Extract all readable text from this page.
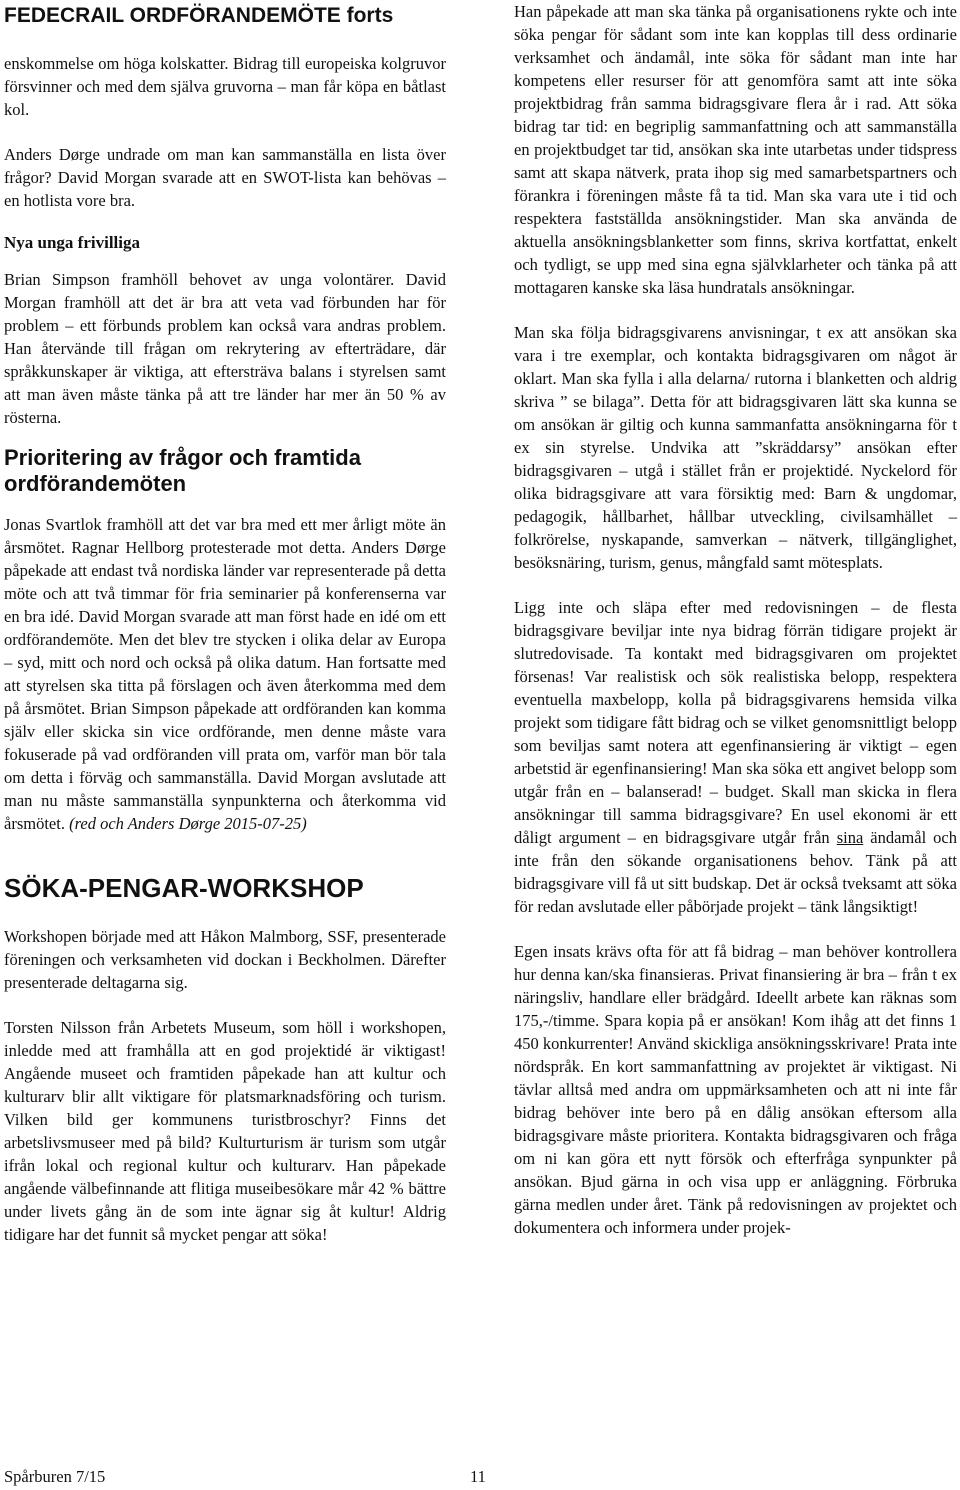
FEDECRAIL ORDFÖRANDEMÖTE forts

enskommelse om höga kolskatter. Bidrag till europeiska kolgruvor försvinner och med dem själva gruvorna – man får köpa en båtlast kol.

Anders Dørge undrade om man kan sammanställa en lista över frågor? David Morgan svarade att en SWOT-lista kan behövas – en hotlista vore bra.

Nya unga frivilliga

Brian Simpson framhöll behovet av unga volontärer. David Morgan framhöll att det är bra att veta vad förbunden har för problem – ett förbunds problem kan också vara andras problem. Han återvände till frågan om rekrytering av efterträdare, där språkkunskaper är viktiga, att eftersträva balans i styrelsen samt att man även måste tänka på att tre länder har mer än 50 % av rösterna.

Prioritering av frågor och framtida ordförandemöten

Jonas Svartlok framhöll att det var bra med ett mer årligt möte än årsmötet. Ragnar Hellborg protesterade mot detta. Anders Dørge påpekade att endast två nordiska länder var representerade på detta möte och att två timmar för fria seminarier på konferenserna var en bra idé. David Morgan svarade att man först hade en idé om ett ordförandemöte. Men det blev tre stycken i olika delar av Europa – syd, mitt och nord och också på olika datum. Han fortsatte med att styrelsen ska titta på förslagen och även återkomma med dem på årsmötet. Brian Simpson påpekade att ordföranden kan komma själv eller skicka sin vice ordförande, men denne måste vara fokuserade på vad ordföranden vill prata om, varför man bör tala om detta i förväg och sammanställa. David Morgan avslutade att man nu måste sammanställa synpunkterna och återkomma vid årsmötet. (red och Anders Dørge 2015-07-25)

SÖKA-PENGAR-WORKSHOP

Workshopen började med att Håkon Malmborg, SSF, presenterade föreningen och verksamheten vid dockan i Beckholmen. Därefter presenterade deltagarna sig.

Torsten Nilsson från Arbetets Museum, som höll i workshopen, inledde med att framhålla att en god projektidé är viktigast! Angående museet och framtiden påpekade han att kultur och kulturarv blir allt viktigare för platsmarknadsföring och turism. Vilken bild ger kommunens turistbroschyr? Finns det arbetslivsmuseer med på bild? Kulturturism är turism som utgår ifrån lokal och regional kultur och kulturarv. Han påpekade angående välbefinnande att flitiga museibesökare mår 42 % bättre under livets gång än de som inte ägnar sig åt kultur! Aldrig tidigare har det funnit så mycket pengar att söka!

Han påpekade att man ska tänka på organisationens rykte och inte söka pengar för sådant som inte kan kopplas till dess ordinarie verksamhet och ändamål, inte söka för sådant man inte har kompetens eller resurser för att genomföra samt att inte söka projektbidrag från samma bidragsgivare flera år i rad. Att söka bidrag tar tid: en begriplig sammanfattning och att sammanställa en projektbudget tar tid, ansökan ska inte utarbetas under tidspress samt att skapa nätverk, prata ihop sig med samarbetspartners och förankra i föreningen måste få ta tid. Man ska vara ute i tid och respektera fastställda ansökningstider. Man ska använda de aktuella ansökningsblanketter som finns, skriva kortfattat, enkelt och tydligt, se upp med sina egna självklarheter och tänka på att mottagaren kanske ska läsa hundratals ansökningar.

Man ska följa bidragsgivarens anvisningar, t ex att ansökan ska vara i tre exemplar, och kontakta bidragsgivaren om något är oklart. Man ska fylla i alla delarna/ rutorna i blanketten och aldrig skriva ” se bilaga”. Detta för att bidragsgivaren lätt ska kunna se om ansökan är giltig och kunna sammanfatta ansökningarna för t ex sin styrelse. Undvika att ”skräddarsy” ansökan efter bidragsgivaren – utgå i stället från er projektidé. Nyckelord för olika bidragsgivare att vara försiktig med: Barn & ungdomar, pedagogik, hållbarhet, hållbar utveckling, civilsamhället – folkrörelse, nyskapande, samverkan – nätverk, tillgänglighet, besöksnäring, turism, genus, mångfald samt mötesplats.

Ligg inte och släpa efter med redovisningen – de flesta bidragsgivare beviljar inte nya bidrag förrän tidigare projekt är slutredovisade. Ta kontakt med bidragsgivaren om projektet försenas! Var realistisk och sök realistiska belopp, respektera eventuella maxbelopp, kolla på bidragsgivarens hemsida vilka projekt som tidigare fått bidrag och se vilket genomsnittligt belopp som beviljas samt notera att egenfinansiering är viktigt – egen arbetstid är egenfinansiering! Man ska söka ett angivet belopp som utgår från en – balanserad! – budget. Skall man skicka in flera ansökningar till samma bidragsgivare? En usel ekonomi är ett dåligt argument – en bidragsgivare utgår från sina ändamål och inte från den sökande organisationens behov. Tänk på att bidragsgivare vill få ut sitt budskap. Det är också tveksamt att söka för redan avslutade eller påbörjade projekt – tänk långsiktigt!

Egen insats krävs ofta för att få bidrag – man behöver kontrollera hur denna kan/ska finansieras. Privat finansiering är bra – från t ex näringsliv, handlare eller brädgård. Ideellt arbete kan räknas som 175,-/timme. Spara kopia på er ansökan! Kom ihåg att det finns 1 450 konkurrenter! Använd skickliga ansökningsskrivare! Prata inte nördspråk. En kort sammanfattning av projektet är viktigast. Ni tävlar alltså med andra om uppmärksamheten och att ni inte får bidrag behöver inte bero på en dålig ansökan eftersom alla bidragsgivare måste prioritera. Kontakta bidragsgivaren och fråga om ni kan göra ett nytt försök och efterfråga synpunkter på ansökan. Bjud gärna in och visa upp er anläggning. Förbruka gärna medlen under året. Tänk på redovisningen av projektet och dokumentera och informera under projek-

Spårburen 7/15	11
